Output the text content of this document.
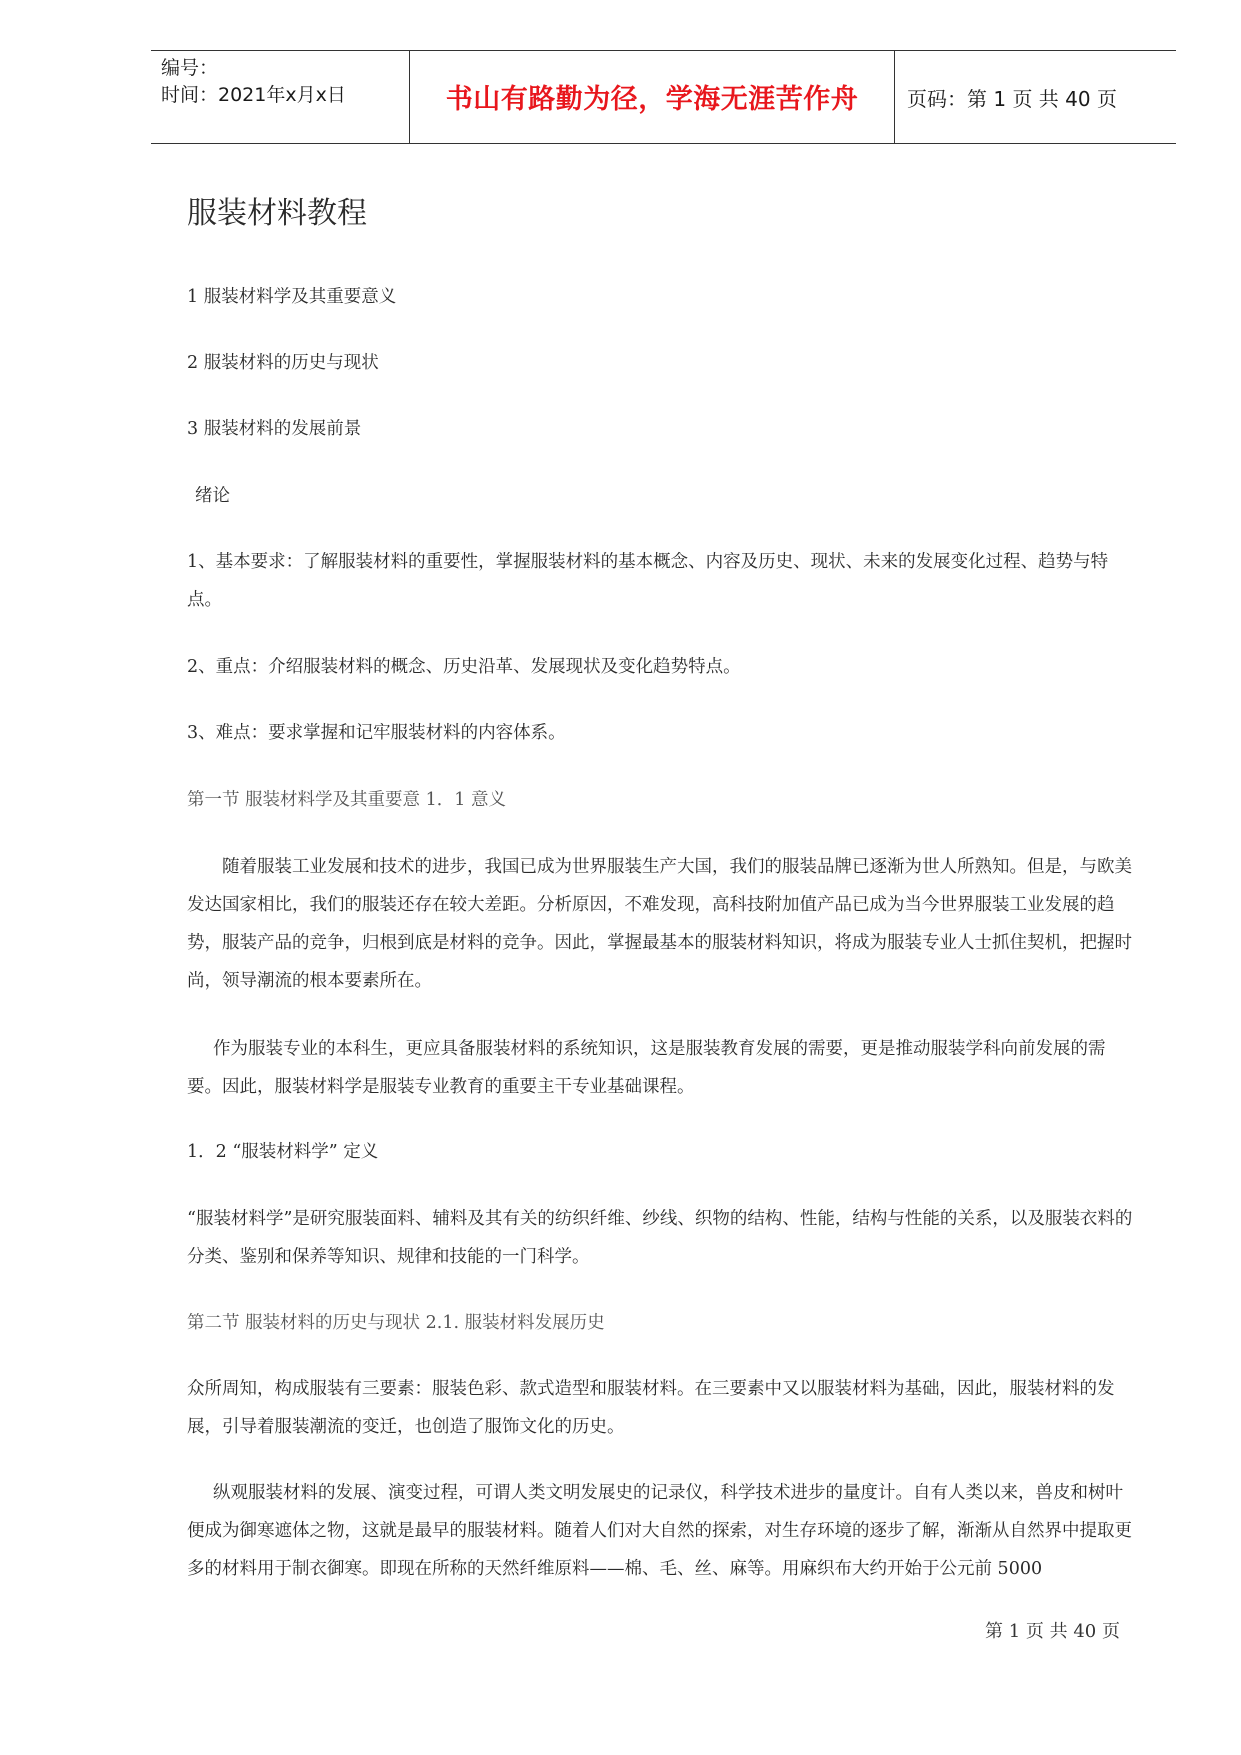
编号：
时间：2021年x月x日	书山有路勤为径，学海无涯苦作舟	页码：第 1 页 共 40 页
服装材料教程
1 服装材料学及其重要意义
2 服装材料的历史与现状
3 服装材料的发展前景
绪论
1、基本要求：了解服装材料的重要性，掌握服装材料的基本概念、内容及历史、现状、未来的发展变化过程、趋势与特点。
2、重点：介绍服装材料的概念、历史沿革、发展现状及变化趋势特点。
3、难点：要求掌握和记牢服装材料的内容体系。
第一节 服装材料学及其重要意 1．1 意义
随着服装工业发展和技术的进步，我国已成为世界服装生产大国，我们的服装品牌已逐渐为世人所熟知。但是，与欧美发达国家相比，我们的服装还存在较大差距。分析原因，不难发现，高科技附加值产品已成为当今世界服装工业发展的趋势，服装产品的竞争，归根到底是材料的竞争。因此，掌握最基本的服装材料知识，将成为服装专业人士抓住契机，把握时尚，领导潮流的根本要素所在。
作为服装专业的本科生，更应具备服装材料的系统知识，这是服装教育发展的需要，更是推动服装学科向前发展的需要。因此，服装材料学是服装专业教育的重要主干专业基础课程。
1．2 “服装材料学” 定义
“服装材料学”是研究服装面料、辅料及其有关的纺织纤维、纱线、织物的结构、性能，结构与性能的关系，以及服装衣料的分类、鉴别和保养等知识、规律和技能的一门科学。
第二节 服装材料的历史与现状 2.1. 服装材料发展历史
众所周知，构成服装有三要素：服装色彩、款式造型和服装材料。在三要素中又以服装材料为基础，因此，服装材料的发展，引导着服装潮流的变迁，也创造了服饰文化的历史。
纵观服装材料的发展、演变过程，可谓人类文明发展史的记录仪，科学技术进步的量度计。自有人类以来，兽皮和树叶便成为御寒遮体之物，这就是最早的服装材料。随着人们对大自然的探索，对生存环境的逐步了解，渐渐从自然界中提取更多的材料用于制衣御寒。即现在所称的天然纤维原料——棉、毛、丝、麻等。用麻织布大约开始于公元前 5000
第 1 页 共 40 页
